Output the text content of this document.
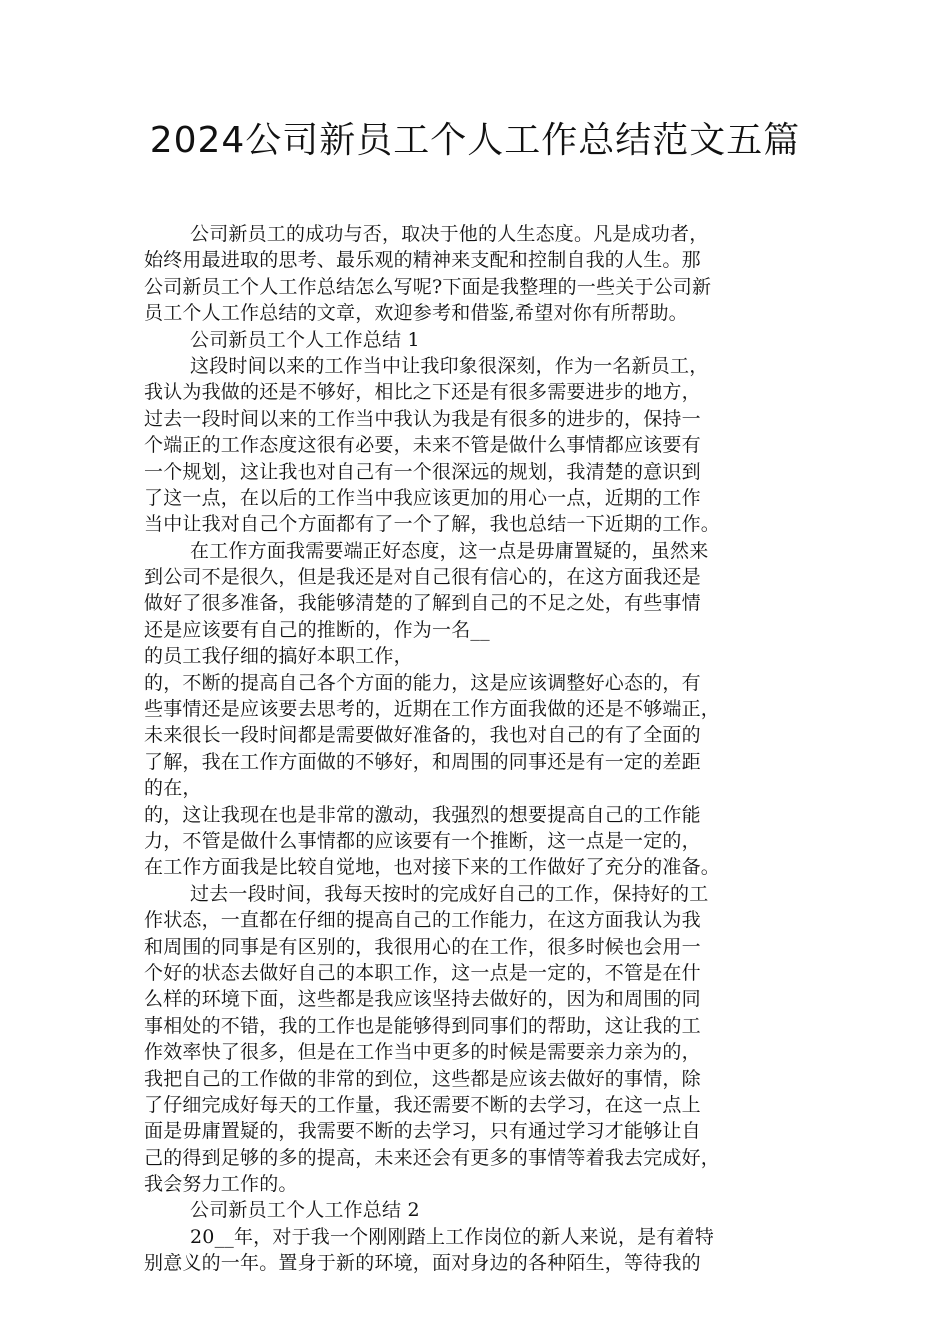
2024公司新员工个人工作总结范文五篇
公司新员工的成功与否，取决于他的人生态度。凡是成功者，
始终用最进取的思考、最乐观的精神来支配和控制自我的人生。那
公司新员工个人工作总结怎么写呢?下面是我整理的一些关于公司新
员工个人工作总结的文章，欢迎参考和借鉴,希望对你有所帮助。
公司新员工个人工作总结 1
这段时间以来的工作当中让我印象很深刻，作为一名新员工，
我认为我做的还是不够好，相比之下还是有很多需要进步的地方，
过去一段时间以来的工作当中我认为我是有很多的进步的，保持一
个端正的工作态度这很有必要，未来不管是做什么事情都应该要有
一个规划，这让我也对自己有一个很深远的规划，我清楚的意识到
了这一点，在以后的工作当中我应该更加的用心一点，近期的工作
当中让我对自己个方面都有了一个了解，我也总结一下近期的工作。
在工作方面我需要端正好态度，这一点是毋庸置疑的，虽然来
到公司不是很久，但是我还是对自己很有信心的，在这方面我还是
做好了很多准备，我能够清楚的了解到自己的不足之处，有些事情
还是应该要有自己的推断的，作为一名__
的员工我仔细的搞好本职工作，
的，不断的提高自己各个方面的能力，这是应该调整好心态的，有
些事情还是应该要去思考的，近期在工作方面我做的还是不够端正，
未来很长一段时间都是需要做好准备的，我也对自己的有了全面的
了解，我在工作方面做的不够好，和周围的同事还是有一定的差距
的在，
的，这让我现在也是非常的激动，我强烈的想要提高自己的工作能
力，不管是做什么事情都的应该要有一个推断，这一点是一定的，
在工作方面我是比较自觉地，也对接下来的工作做好了充分的准备。
过去一段时间，我每天按时的完成好自己的工作，保持好的工
作状态，一直都在仔细的提高自己的工作能力，在这方面我认为我
和周围的同事是有区别的，我很用心的在工作，很多时候也会用一
个好的状态去做好自己的本职工作，这一点是一定的，不管是在什
么样的环境下面，这些都是我应该坚持去做好的，因为和周围的同
事相处的不错，我的工作也是能够得到同事们的帮助，这让我的工
作效率快了很多，但是在工作当中更多的时候是需要亲力亲为的，
我把自己的工作做的非常的到位，这些都是应该去做好的事情，除
了仔细完成好每天的工作量，我还需要不断的去学习，在这一点上
面是毋庸置疑的，我需要不断的去学习，只有通过学习才能够让自
己的得到足够的多的提高，未来还会有更多的事情等着我去完成好，
我会努力工作的。
公司新员工个人工作总结 2
20__年，对于我一个刚刚踏上工作岗位的新人来说，是有着特
别意义的一年。置身于新的环境，面对身边的各种陌生，等待我的
